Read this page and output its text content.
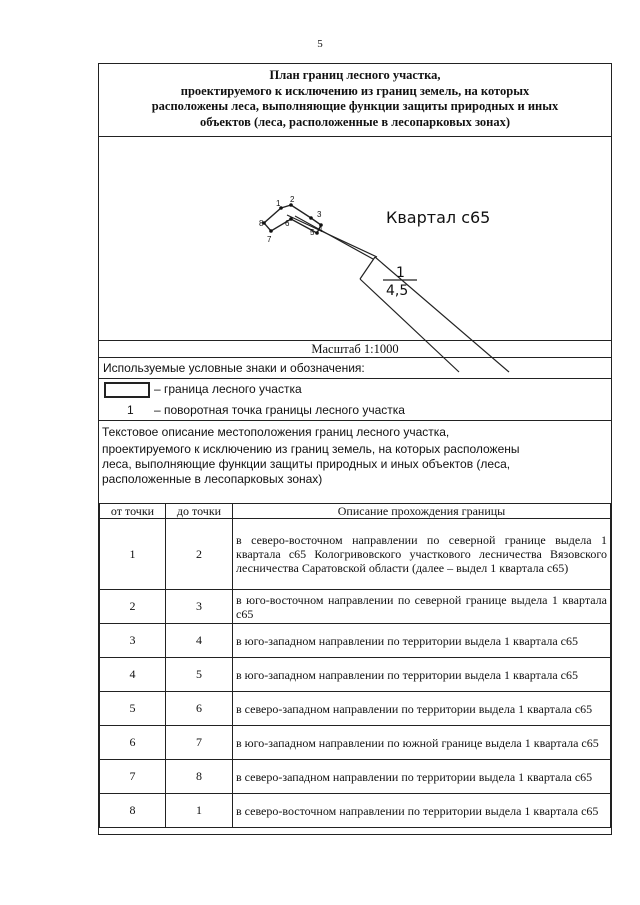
5
План границ лесного участка,
проектируемого к исключению из границ земель, на которых
расположены леса, выполняющие функции защиты природных и иных
объектов (леса, расположенные в лесопарковых зонах)
1 2
3
4
5
6
7
8	Квартал с65
1
4,5
Масштаб 1:1000
Используемые условные знаки и обозначения:
– граница лесного участка
1 – поворотная точка границы лесного участка
Текстовое описание местоположения границ лесного участка,
проектируемого к исключению из границ земель, на которых расположены
леса, выполняющие функции защиты природных и иных объектов (леса,
расположенные в лесопарковых зонах)
от точки	до точки	Описание прохождения границы
1	2	в северо-восточном направлении по северной границе выдела 1 квартала с65 Кологривовского участкового лесничества Вязовского лесничества Саратовской области (далее – выдел 1 квартала с65)
2	3	в юго-восточном направлении по северной границе выдела 1 квартала с65
3	4	в юго-западном направлении по территории выдела 1 квартала с65
4	5	в юго-западном направлении по территории выдела 1 квартала с65
5	6	в северо-западном направлении по территории выдела 1 квартала с65
6	7	в юго-западном направлении по южной границе выдела 1 квартала с65
7	8	в северо-западном направлении по территории выдела 1 квартала с65
8	1	в северо-восточном направлении по территории выдела 1 квартала с65
